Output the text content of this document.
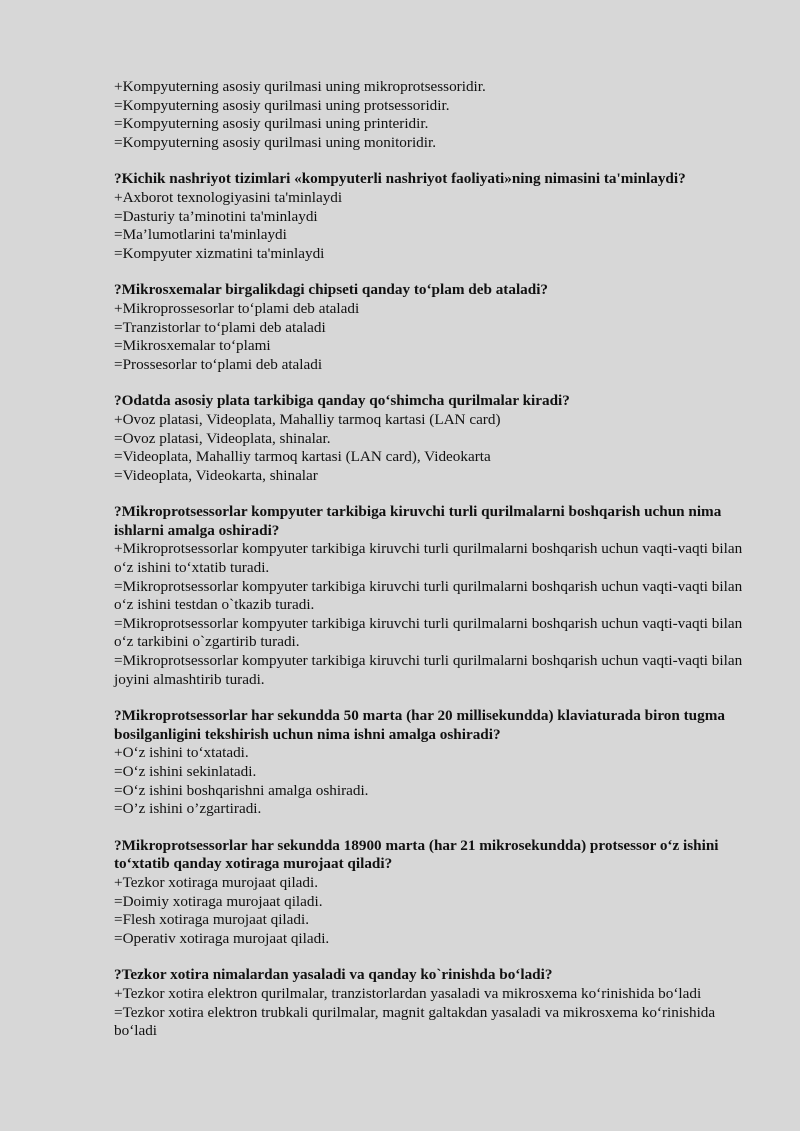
+Kompyuterning asosiy qurilmasi uning mikroprotsessoridir.

=Kompyuterning asosiy qurilmasi uning protsessoridir.

=Kompyuterning asosiy qurilmasi uning printeridir.

=Kompyuterning asosiy qurilmasi uning monitoridir.

?Kichik nashriyot tizimlari «kompyuterli nashriyot faoliyati»ning nimasini ta'minlaydi?

+Axborot texnologiyasini ta'minlaydi
=Dasturiy ta’minotini ta'minlaydi
=Ma’lumotlarini ta'minlaydi
=Kompyuter xizmatini ta'minlaydi

?Mikrosxemalar birgalikdagi chipseti qanday to‘plam deb ataladi?

+Mikroprossesorlar to‘plami deb ataladi
=Tranzistorlar to‘plami deb ataladi
=Mikrosxemalar to‘plami
=Prossesorlar to‘plami deb ataladi

?Odatda asosiy plata tarkibiga qanday qo‘shimcha qurilmalar kiradi?

+Ovoz platasi, Videoplata, Mahalliy tarmoq kartasi (LAN card)
=Ovoz platasi, Videoplata, shinalar.
=Videoplata, Mahalliy tarmoq kartasi (LAN card), Videokarta
=Videoplata, Videokarta, shinalar

?Mikroprotsessorlar kompyuter tarkibiga kiruvchi turli qurilmalarni boshqarish uchun nima ishlarni amalga oshiradi?

+Mikroprotsessorlar kompyuter tarkibiga kiruvchi turli qurilmalarni boshqarish uchun vaqti-vaqti bilan o‘z ishini to‘xtatib turadi.
=Mikroprotsessorlar kompyuter tarkibiga kiruvchi turli qurilmalarni boshqarish uchun vaqti-vaqti bilan o‘z ishini testdan o`tkazib turadi.
=Mikroprotsessorlar kompyuter tarkibiga kiruvchi turli qurilmalarni boshqarish uchun vaqti-vaqti bilan o‘z tarkibini o`zgartirib turadi.
=Mikroprotsessorlar kompyuter tarkibiga kiruvchi turli qurilmalarni boshqarish uchun vaqti-vaqti bilan joyini almashtirib turadi.

?Mikroprotsessorlar har sekundda 50 marta (har 20 millisekundda) klaviaturada biron tugma bosilganligini tekshirish uchun nima ishni amalga oshiradi?

+O‘z ishini to‘xtatadi.
=O‘z ishini sekinlatadi.
=O‘z ishini boshqarishni amalga oshiradi.
=O’z ishini o’zgartiradi.

?Mikroprotsessorlar har sekundda 18900 marta (har 21 mikrosekundda) protsessor o‘z ishini to‘xtatib qanday xotiraga murojaat qiladi?

+Tezkor xotiraga murojaat qiladi.
=Doimiy xotiraga murojaat qiladi.
=Flesh xotiraga murojaat qiladi.
=Operativ xotiraga murojaat qiladi.

?Tezkor xotira nimalardan yasaladi va qanday ko`rinishda bo‘ladi?

+Tezkor xotira elektron qurilmalar, tranzistorlardan yasaladi va mikrosxema ko‘rinishida bo‘ladi
=Tezkor xotira elektron trubkali qurilmalar, magnit galtakdan yasaladi va mikrosxema ko‘rinishida bo‘ladi
